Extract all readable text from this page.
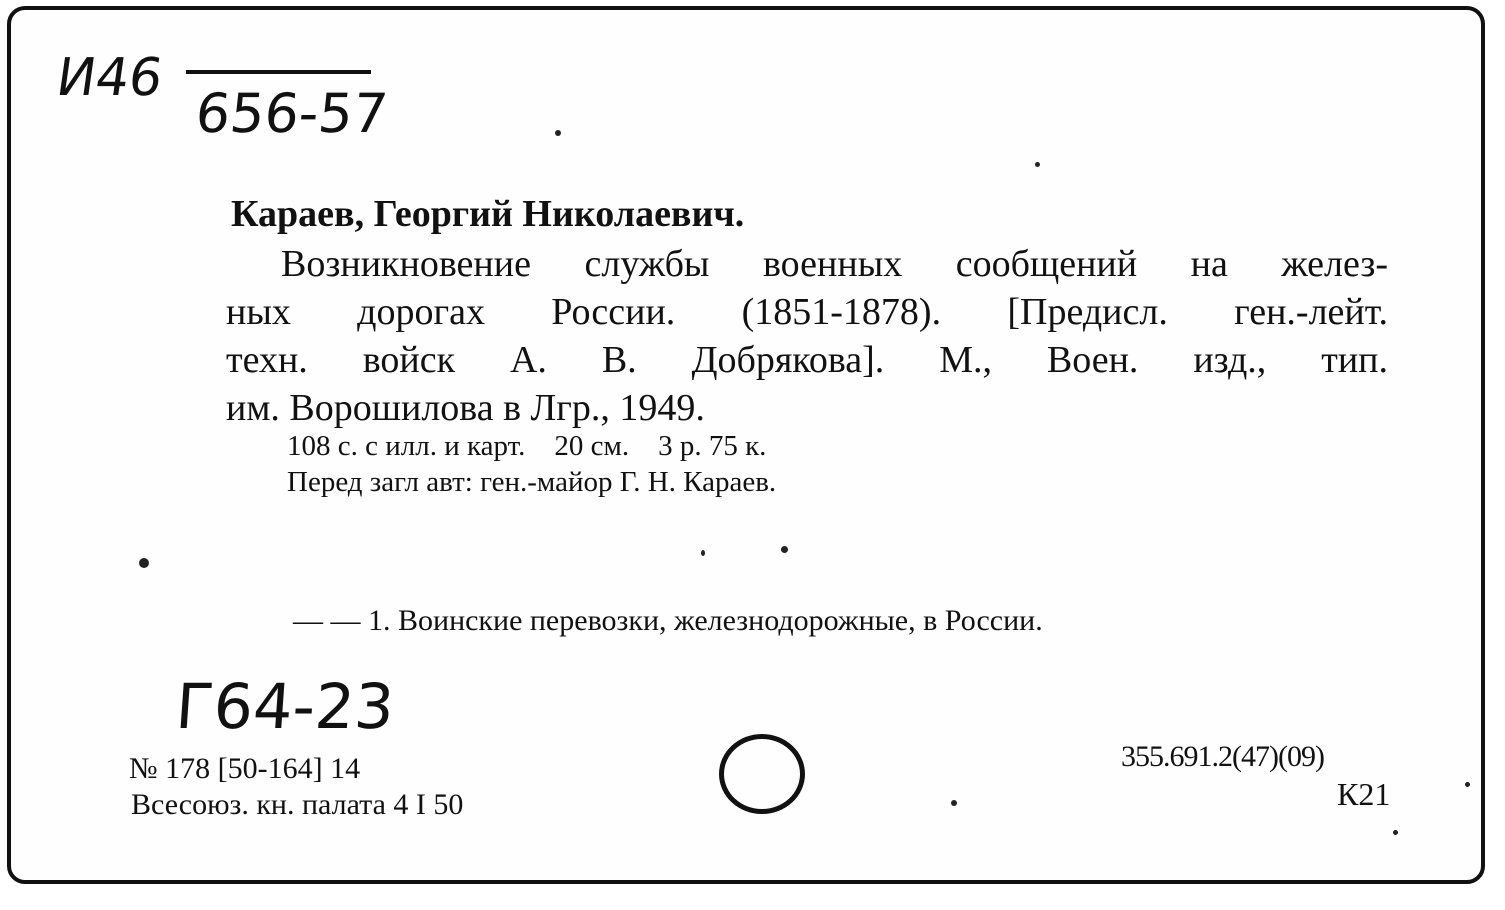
И46
656-57
Караев, Георгий Николаевич.
Возникновение службы военных сообщений на желез-
ных дорогах России. (1851-1878). [Предисл. ген.-лейт.
техн. войск А. В. Добрякова]. М., Воен. изд., тип.
им. Ворошилова в Лгр., 1949.
108 с. с илл. и карт.    20 см.    3 р. 75 к.
Перед загл авт: ген.-майор Г. Н. Караев.
— — 1. Воинские перевозки, железнодорожные, в России.
Г64-23
№ 178 [50-164] 14
Всесоюз. кн. палата 4 I 50
355.691.2(47)(09)
К21
